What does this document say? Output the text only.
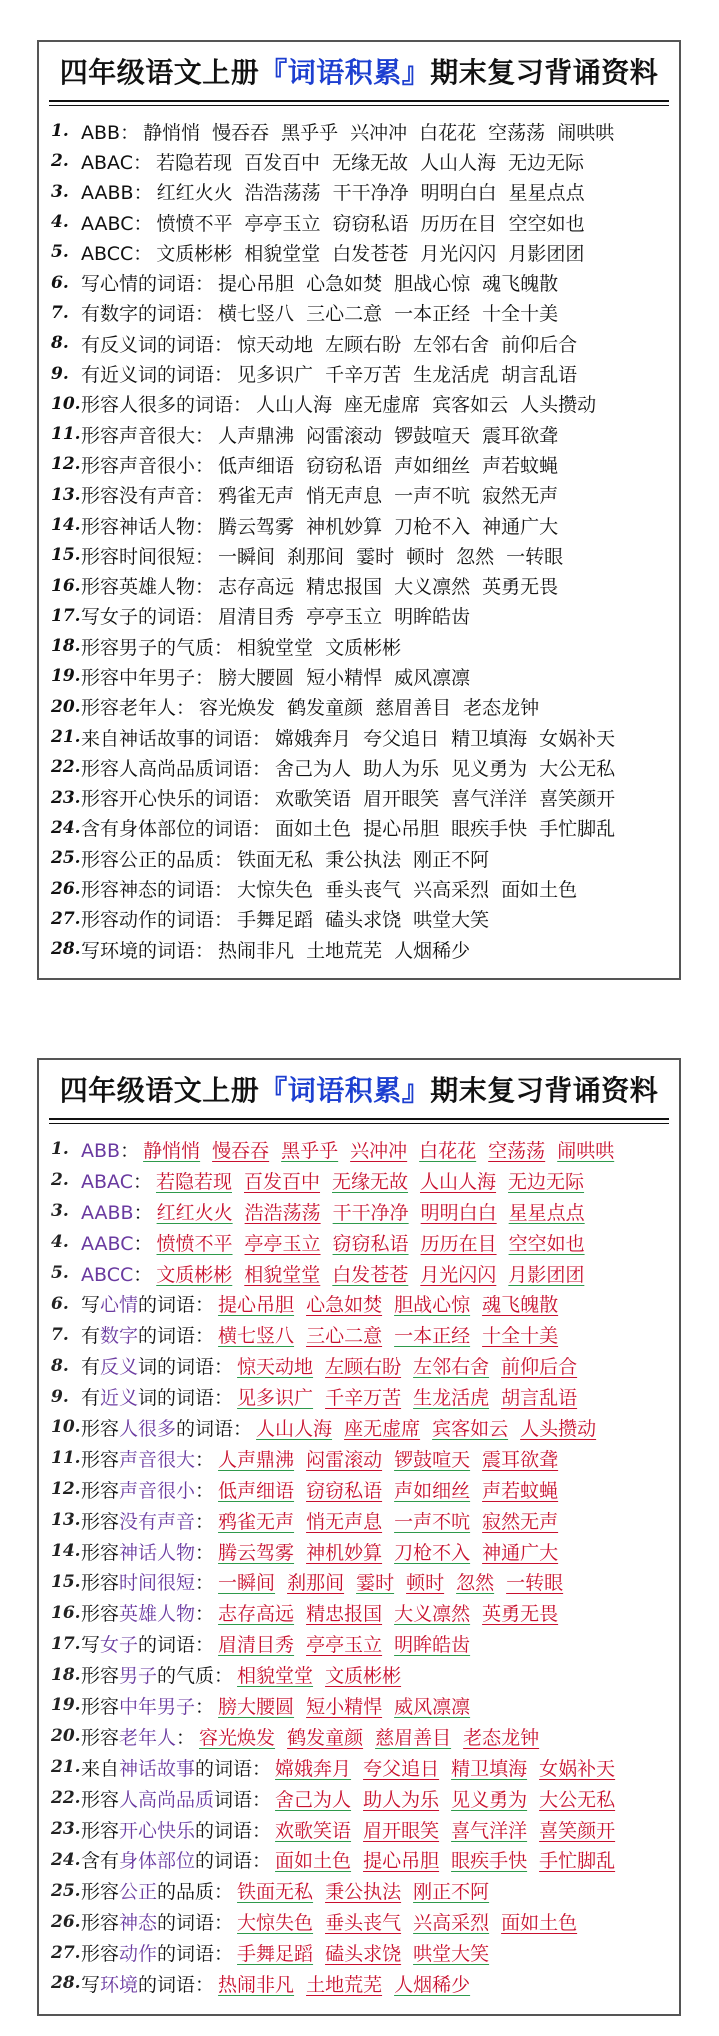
四年级语文上册 『词语积累』 期末复习背诵资料
1. ABB： 静悄悄 慢吞吞 黑乎乎 兴冲冲 白花花 空荡荡 闹哄哄
2. ABAC： 若隐若现 百发百中 无缘无故 人山人海 无边无际
3. AABB： 红红火火 浩浩荡荡 干干净净 明明白白 星星点点
4. AABC： 愤愤不平 亭亭玉立 窃窃私语 历历在目 空空如也
5. ABCC： 文质彬彬 相貌堂堂 白发苍苍 月光闪闪 月影团团
6. 写心情的词语： 提心吊胆 心急如焚 胆战心惊 魂飞魄散
7. 有数字的词语： 横七竖八 三心二意 一本正经 十全十美
8. 有反义词的词语： 惊天动地 左顾右盼 左邻右舍 前仰后合
9. 有近义词的词语： 见多识广 千辛万苦 生龙活虎 胡言乱语
10. 形容人很多的词语： 人山人海 座无虚席 宾客如云 人头攒动
11. 形容声音很大： 人声鼎沸 闷雷滚动 锣鼓喧天 震耳欲聋
12. 形容声音很小： 低声细语 窃窃私语 声如细丝 声若蚊蝇
13. 形容没有声音： 鸦雀无声 悄无声息 一声不吭 寂然无声
14. 形容神话人物： 腾云驾雾 神机妙算 刀枪不入 神通广大
15. 形容时间很短： 一瞬间 刹那间 霎时 顿时 忽然 一转眼
16. 形容英雄人物： 志存高远 精忠报国 大义凛然 英勇无畏
17. 写女子的词语： 眉清目秀 亭亭玉立 明眸皓齿
18. 形容男子的气质： 相貌堂堂 文质彬彬
19. 形容中年男子： 膀大腰圆 短小精悍 威风凛凛
20. 形容老年人： 容光焕发 鹤发童颜 慈眉善目 老态龙钟
21. 来自神话故事的词语： 嫦娥奔月 夸父追日 精卫填海 女娲补天
22. 形容人高尚品质词语： 舍己为人 助人为乐 见义勇为 大公无私
23. 形容开心快乐的词语： 欢歌笑语 眉开眼笑 喜气洋洋 喜笑颜开
24. 含有身体部位的词语： 面如土色 提心吊胆 眼疾手快 手忙脚乱
25. 形容公正的品质： 铁面无私 秉公执法 刚正不阿
26. 形容神态的词语： 大惊失色 垂头丧气 兴高采烈 面如土色
27. 形容动作的词语： 手舞足蹈 磕头求饶 哄堂大笑
28. 写环境的词语： 热闹非凡 土地荒芜 人烟稀少
四年级语文上册 『词语积累』 期末复习背诵资料
1. ABB： 静悄悄 慢吞吞 黑乎乎 兴冲冲 白花花 空荡荡 闹哄哄
2. ABAC： 若隐若现 百发百中 无缘无故 人山人海 无边无际
3. AABB： 红红火火 浩浩荡荡 干干净净 明明白白 星星点点
4. AABC： 愤愤不平 亭亭玉立 窃窃私语 历历在目 空空如也
5. ABCC： 文质彬彬 相貌堂堂 白发苍苍 月光闪闪 月影团团
6. 写心情的词语： 提心吊胆 心急如焚 胆战心惊 魂飞魄散
7. 有数字的词语： 横七竖八 三心二意 一本正经 十全十美
8. 有反义词的词语： 惊天动地 左顾右盼 左邻右舍 前仰后合
9. 有近义词的词语： 见多识广 千辛万苦 生龙活虎 胡言乱语
10. 形容人很多的词语： 人山人海 座无虚席 宾客如云 人头攒动
11. 形容声音很大： 人声鼎沸 闷雷滚动 锣鼓喧天 震耳欲聋
12. 形容声音很小： 低声细语 窃窃私语 声如细丝 声若蚊蝇
13. 形容没有声音： 鸦雀无声 悄无声息 一声不吭 寂然无声
14. 形容神话人物： 腾云驾雾 神机妙算 刀枪不入 神通广大
15. 形容时间很短： 一瞬间 刹那间 霎时 顿时 忽然 一转眼
16. 形容英雄人物： 志存高远 精忠报国 大义凛然 英勇无畏
17. 写女子的词语： 眉清目秀 亭亭玉立 明眸皓齿
18. 形容男子的气质： 相貌堂堂 文质彬彬
19. 形容中年男子： 膀大腰圆 短小精悍 威风凛凛
20. 形容老年人： 容光焕发 鹤发童颜 慈眉善目 老态龙钟
21. 来自神话故事的词语： 嫦娥奔月 夸父追日 精卫填海 女娲补天
22. 形容人高尚品质词语： 舍己为人 助人为乐 见义勇为 大公无私
23. 形容开心快乐的词语： 欢歌笑语 眉开眼笑 喜气洋洋 喜笑颜开
24. 含有身体部位的词语： 面如土色 提心吊胆 眼疾手快 手忙脚乱
25. 形容公正的品质： 铁面无私 秉公执法 刚正不阿
26. 形容神态的词语： 大惊失色 垂头丧气 兴高采烈 面如土色
27. 形容动作的词语： 手舞足蹈 磕头求饶 哄堂大笑
28. 写环境的词语： 热闹非凡 土地荒芜 人烟稀少
